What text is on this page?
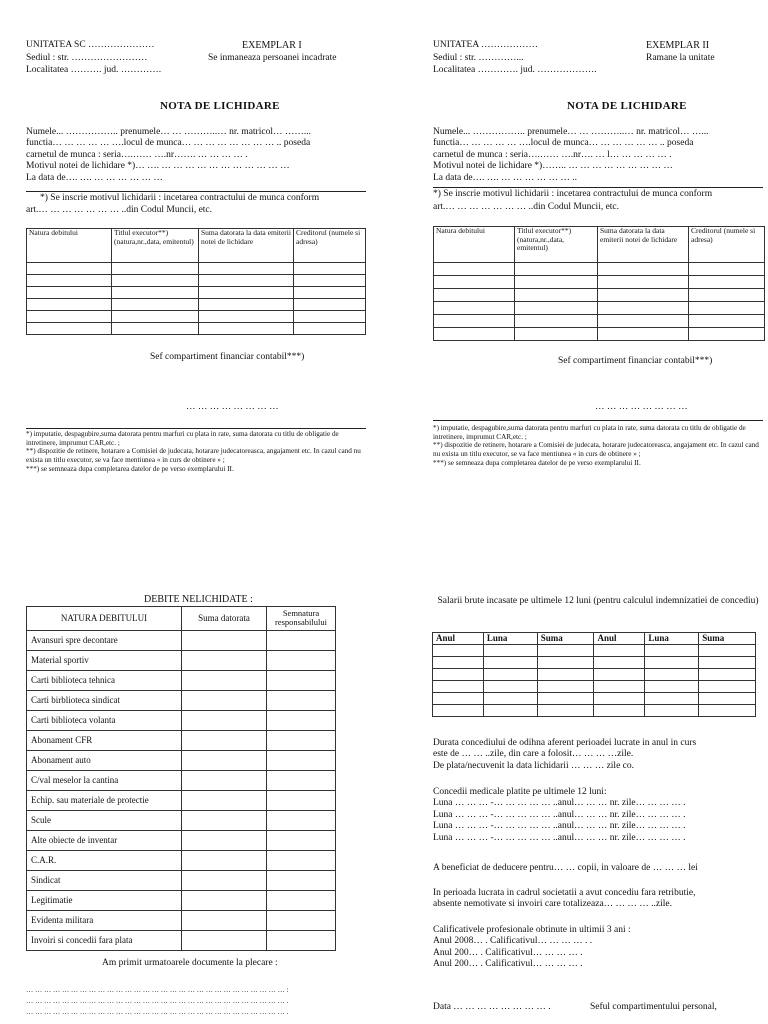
UNITATEA SC …………………	EXEMPLAR I
Sediul : str. ……………………	Se inmaneaza persoanei incadrate
Localitatea ………. jud. ………….
NOTA DE LICHIDARE
Numele... …………….. prenumele… … ………..… nr. matricol… ……...
functia… … … … … ….locul de munca… … … … … … … … .. poseda
carnetul de munca : seria….…… ….nr……. … … … … .
Motivul notei de lichidare *)… …. … … … … … … … … … … …
La data de…. …. … … … … … …
*) Se inscrie motivul lichidarii : incetarea contractului de munca conform
art.… … … … … … … ..din Codul Muncii, etc.
Natura debitului	Titlul executor**) (natura,nr.,data, emitentul)	Suma datorata la data emiterii notei de lichidare	Creditorul (numele si adresa)

Sef compartiment financiar contabil***)
… … … … … … … …
*) imputatie, despagubire,suma datorata pentru marfuri cu plata in rate, suma datorata cu titlu de obligatie de intretinere, imprumut CAR,etc. ;
**) dispozitie de retinere, hotarare a Comisiei de judecata, hotarare judecatoreasca, angajament etc. In cazul cand nu exista un titlu executor, se va face mentiunea « in curs de obtinere » ;
***) se semneaza dupa completarea datelor de pe verso exemplarului II.
UNITATEA ………………	EXEMPLAR II
Sediul : str. …………...	Ramane la unitate
Localitatea …………. jud. ……………….
NOTA DE LICHIDARE
Numele... …………….. prenumele… … ………..… nr. matricol… …...
functia… … … … … ….locul de munca… … … … … … .. poseda
carnetul de munca : seria….…… ….nr…. … l… … … … … .
Motivul notei de lichidare *)…….. … … … … … … … … …
La data de…. …. … … … … … … ..
*) Se inscrie motivul lichidarii : incetarea contractului de munca conform
art.… … … … … … … ..din Codul Muncii, etc.
Natura debitului	Titlul executor**) (natura,nr.,data, emitentul)	Suma datorata la data emiterii notei de lichidare	Creditorul (numele si adresa)

Sef compartiment financiar contabil***)
… … … … … … … …
*) imputatie, despagubire,suma datorata pentru marfuri cu plata in rate, suma datorata cu titlu de obligatie de intretinere, imprumut CAR,etc. ;
**) dispozitie de retinere, hotarare a Comisiei de judecata, hotarare judecatoreasca, angajament etc. In cazul cand nu exista un titlu executor, se va face mentiunea « in curs de obtinere » ;
***) se semneaza dupa completarea datelor de pe verso exemplarului II.
DEBITE NELICHIDATE :
NATURA DEBITULUI	Suma datorata	Semnatura responsabilului
Avansuri spre decontare		
Material sportiv		
Carti biblioteca tehnica		
Carti birblioteca sindicat		
Carti biblioteca volanta		
Abonament CFR		
Abonament auto		
C/val meselor la cantina		
Echip. sau materiale de protectie		
Scule		
Alte obiecte de inventar		
C.A.R.		
Sindicat		
Legitimatie		
Evidenta militara		
Invoiri si concedii fara plata		
Am primit urmatoarele documente la plecare :
… … … … … … … … … … … … … … … … … … … … … … … … … … … … … :
… … … … … … … … … … … … … … … … … … … … … … … … … … … … … .
… … … … … … … … … … … … … … … … … … … … … … … … … … … … … .
Salarii brute incasate pe ultimele 12 luni (pentru calculul indemnizatiei de concediu)
Anul	Luna	Suma	Anul	Luna	Suma

Durata concediului de odihna aferent perioadei lucrate in anul in curs
este de … … ..zile, din care a folosit… … … …zile.
De plata/necuvenit la data lichidarii … … … zile co.
Concedii medicale platite pe ultimele 12 luni:
Luna … … … -… … … … … ..anul… … … nr. zile… … … … .
Luna … … … -… … … … … ..anul… … … nr. zile… … … … .
Luna … … … -… … … … … ..anul… … … nr. zile… … … … .
Luna … … … -… … … … … ..anul… … … nr. zile… … … … .
A beneficiat de deducere pentru… … copii, in valoare de … … … lei
In perioada lucrata in cadrul societatii a avut concediu fara retributie,
absente nemotivate si invoiri care totalizeaza… … … … ..zile.
Calificativele profesionale obtinute in ultimii 3 ani :
Anul 2008… . Calificativul… … … … . .
Anul 200… . Calificativul… … … … .
Anul 200… . Calificativul… … … … .
Data … … … … … … … … .	Seful compartimentului personal,
